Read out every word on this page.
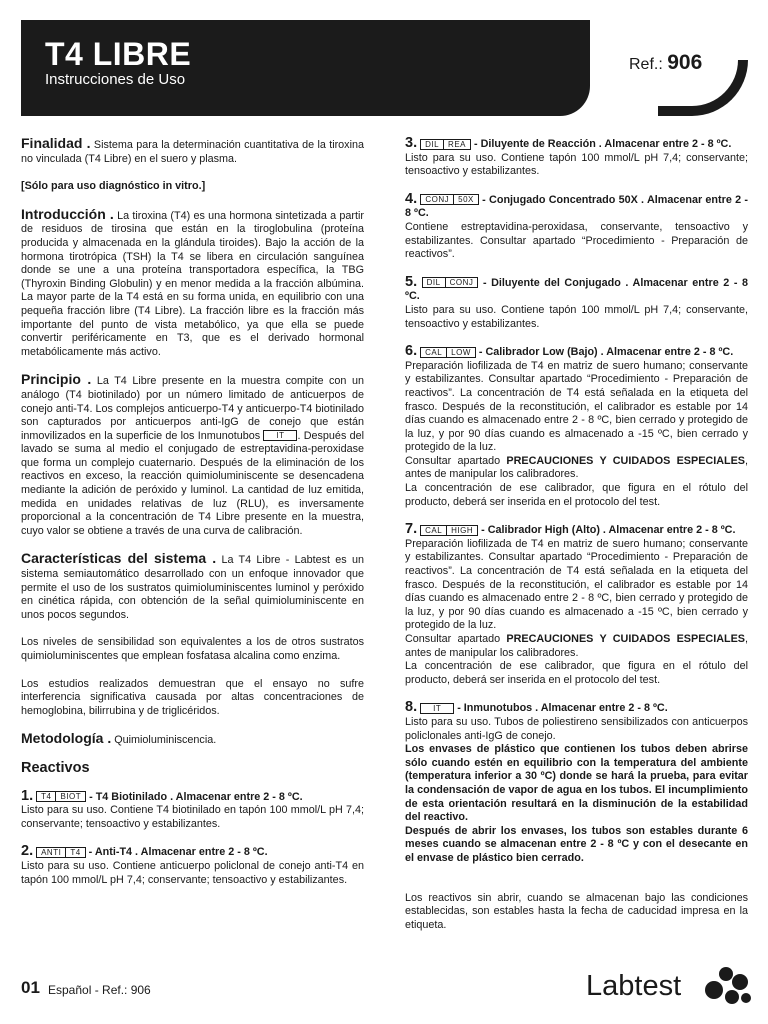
T4 LIBRE
Instrucciones de Uso
Ref.: 906

Finalidad . Sistema para la determinación cuantitativa de la tiroxina no vinculada (T4 Libre) en el suero y plasma.

[Sólo para uso diagnóstico in vitro.]

Introducción . La tiroxina (T4) es una hormona sintetizada a partir de residuos de tirosina que están en la tiroglobulina (proteína producida y almacenada en la glándula tiroides). Bajo la acción de la hormona tirotrópica (TSH) la T4 se libera en circulación sanguínea donde se une a una proteína transportadora específica, la TBG (Thyroxin Binding Globulin) y en menor medida a la fracción albúmina. La mayor parte de la T4 está en su forma unida, en equilibrio con una pequeña fracción libre (T4 Libre). La fracción libre es la fracción más importante del punto de vista metabólico, ya que ella se puede convertir periféricamente en T3, que es el derivado hormonal metabólicamente más activo.

Principio . La T4 Libre presente en la muestra compite con un análogo (T4 biotinilado) por un número limitado de anticuerpos de conejo anti-T4. Los complejos anticuerpo-T4 y anticuerpo-T4 biotinilado son capturados por anticuerpos anti-IgG de conejo que están inmovilizados en la superficie de los Inmunotubos IT . Después del lavado se suma al medio el conjugado de estreptavidina-peroxidase que forma un complejo cuaternario. Después de la eliminación de los reactivos en exceso, la reacción quimioluminiscente se desencadena mediante la adición de peróxido y luminol. La cantidad de luz emitida, medida en unidades relativas de luz (RLU), es inversamente proporcional a la concentración de T4 Libre presente en la muestra, cuyo valor se obtiene a través de una curva de calibración.

Características del sistema . La T4 Libre - Labtest es un sistema semiautomático desarrollado con un enfoque innovador que permite el uso de los sustratos quimioluminiscentes luminol y peróxido en cinética rápida, con obtención de la señal quimioluminiscente en unos pocos segundos.

Los niveles de sensibilidad son equivalentes a los de otros sustratos quimioluminiscentes que emplean fosfatasa alcalina como enzima.

Los estudios realizados demuestran que el ensayo no sufre interferencia significativa causada por altas concentraciones de hemoglobina, bilirrubina y de triglicéridos.

Metodología . Quimioluminiscencia.

Reactivos

1. T4 BIOT - T4 Biotinilado . Almacenar entre 2 - 8 ºC.
Listo para su uso. Contiene T4 biotinilado en tapón 100 mmol/L pH 7,4; conservante; tensoactivo y estabilizantes.
2. ANTI T4 - Anti-T4 . Almacenar entre 2 - 8 ºC.
Listo para su uso. Contiene anticuerpo policlonal de conejo anti-T4 en tapón 100 mmol/L pH 7,4; conservante; tensoactivo y estabilizantes.
3. DIL REA - Diluyente de Reacción . Almacenar entre 2 - 8 ºC.
Listo para su uso. Contiene tapón 100 mmol/L pH 7,4; conservante; tensoactivo y estabilizantes.
4. CONJ 50X - Conjugado Concentrado 50X . Almacenar entre 2 - 8 ºC.
Contiene estreptavidina-peroxidasa, conservante, tensoactivo y estabilizantes. Consultar apartado “Procedimiento - Preparación de reactivos”.
5. DIL CONJ - Diluyente del Conjugado . Almacenar entre 2 - 8 ºC.
Listo para su uso. Contiene tapón 100 mmol/L pH 7,4; conservante, tensoactivo y estabilizantes.
6. CAL LOW - Calibrador Low (Bajo) . Almacenar entre 2 - 8 ºC.
Preparación liofilizada de T4 en matriz de suero humano; conservante y estabilizantes. Consultar apartado “Procedimiento - Preparación de reactivos”. La concentración de T4 está señalada en la etiqueta del frasco. Después de la reconstitución, el calibrador es estable por 14 días cuando es almacenado entre 2 - 8 ºC, bien cerrado y protegido de la luz, y por 90 días cuando es almacenado a -15 ºC, bien cerrado y protegido de la luz.
Consultar apartado PRECAUCIONES Y CUIDADOS ESPECIALES, antes de manipular los calibradores.
La concentración de ese calibrador, que figura en el rótulo del producto, deberá ser inserida en el protocolo del test.
7. CAL HIGH - Calibrador High (Alto) . Almacenar entre 2 - 8 ºC.
Preparación liofilizada de T4 en matriz de suero humano; conservante y estabilizantes. Consultar apartado “Procedimiento - Preparación de reactivos”. La concentración de T4 está señalada en la etiqueta del frasco. Después de la reconstitución, el calibrador es estable por 14 días cuando es almacenado entre 2 - 8 ºC, bien cerrado y protegido de la luz, y por 90 días cuando es almacenado a -15 ºC, bien cerrado y protegido de la luz.
Consultar apartado PRECAUCIONES Y CUIDADOS ESPECIALES, antes de manipular los calibradores.
La concentración de ese calibrador, que figura en el rótulo del producto, deberá ser inserida en el protocolo del test.
8. IT - Inmunotubos . Almacenar entre 2 - 8 ºC.
Listo para su uso. Tubos de poliestireno sensibilizados con anticuerpos policlonales anti-IgG de conejo.
Los envases de plástico que contienen los tubos deben abrirse sólo cuando estén en equilibrio con la temperatura del ambiente (temperatura inferior a 30 ºC) donde se hará la prueba, para evitar la condensación de vapor de agua en los tubos. El incumplimiento de esta orientación resultará en la disminución de la estabilidad del reactivo.
Después de abrir los envases, los tubos son estables durante 6 meses cuando se almacenan entre 2 - 8 ºC y con el desecante en el envase de plástico bien cerrado.

Los reactivos sin abrir, cuando se almacenan bajo las condiciones establecidas, son estables hasta la fecha de caducidad impresa en la etiqueta.

01 Español - Ref.: 906	Labtest
